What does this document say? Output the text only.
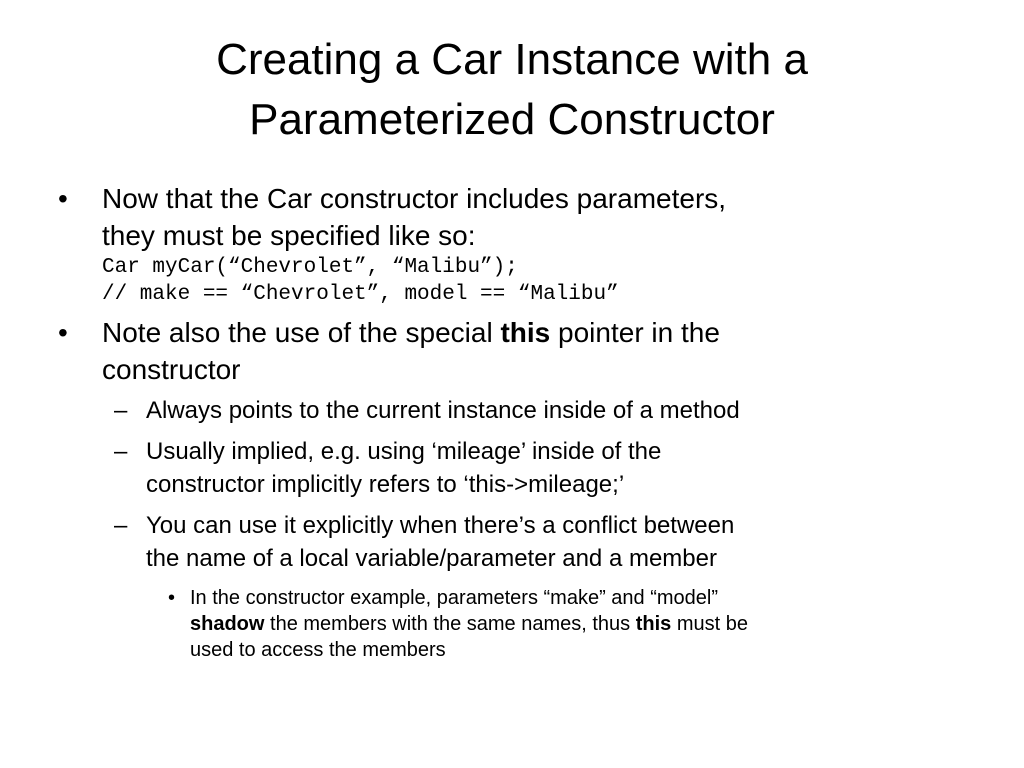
Creating a Car Instance with a
Parameterized Constructor
• Now that the Car constructor includes parameters,
they must be specified like so:
Car myCar(“Chevrolet”, “Malibu”);
// make == “Chevrolet”, model == “Malibu”
• Note also the use of the special this pointer in the
constructor
– Always points to the current instance inside of a method
– Usually implied, e.g. using ‘mileage’ inside of the
constructor implicitly refers to ‘this->mileage;’
– You can use it explicitly when there’s a conflict between
the name of a local variable/parameter and a member
• In the constructor example, parameters “make” and “model”
shadow the members with the same names, thus this must be
used to access the members
